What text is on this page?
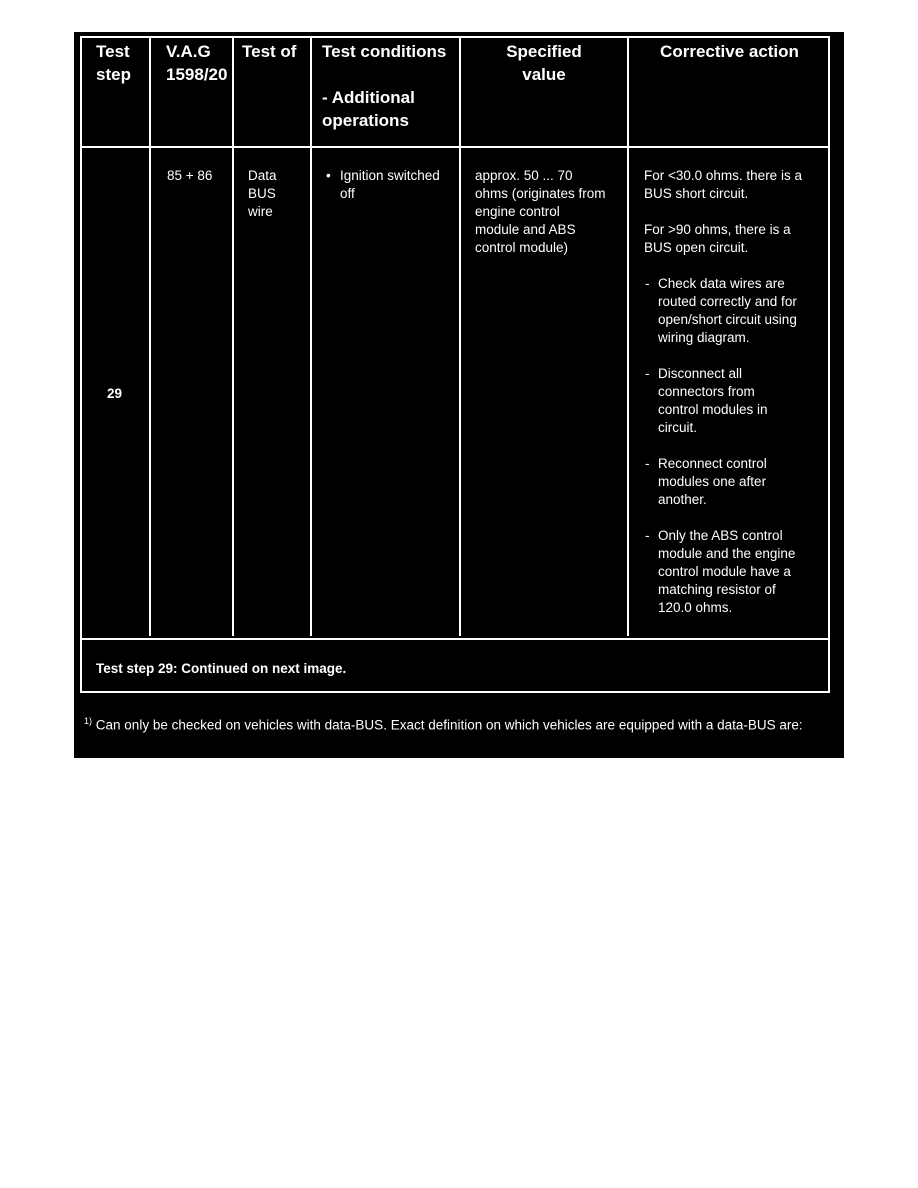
Test
step
V.A.G
1598/20
Test of Test conditions
- Additional
operations
Specified
value
Corrective action
29
85 + 86	Data
BUS
wire
• Ignition switched off
approx. 50 ... 70
ohms (originates from
engine control
module and ABS
control module)
For <30.0 ohms. there is a
BUS short circuit.
For >90 ohms, there is a
BUS open circuit.
- Check data wires are
routed correctly and for
open/short circuit using
wiring diagram.
- Disconnect all
connectors from
control modules in
circuit.
- Reconnect control
modules one after
another.
- Only the ABS control
module and the engine
control module have a
matching resistor of
120.0 ohms.
Test step 29: Continued on next image.
$^{1)}$ Can only be checked on vehicles with data-BUS. Exact definition on which vehicles are equipped with a data-BUS are:
